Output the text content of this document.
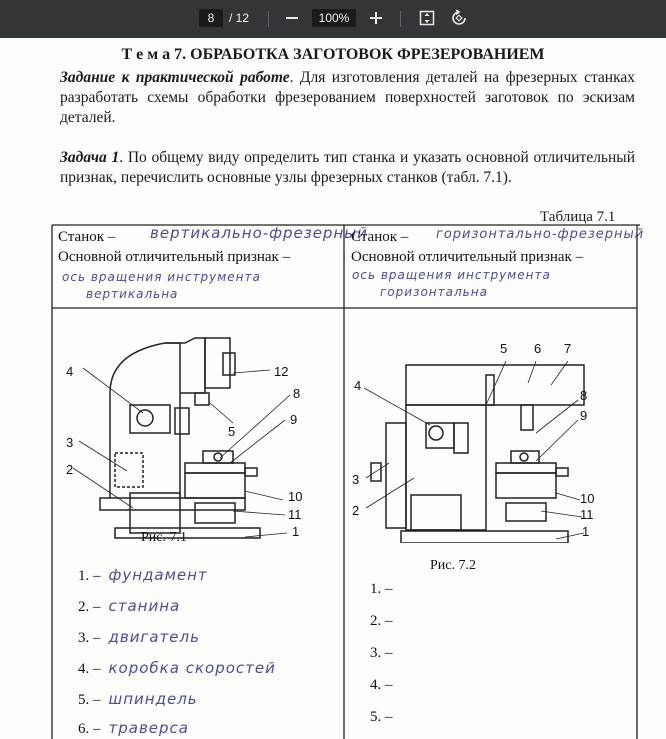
8	/ 12	100%
Т е м а 7. ОБРАБОТКА ЗАГОТОВОК ФРЕЗЕРОВАНИЕМ
Задание к практической работе. Для изготовления деталей на фрезерных станках разработать схемы обработки фрезерованием поверхностей заготовок по эскизам деталей.
Задача 1. По общему виду определить тип станка и указать основной отличительный признак, перечислить основные узлы фрезерных станков (табл. 7.1).
Таблица 7.1
Станок – вертикально-фрезерный
Основной отличительный признак –
ось вращения инструмента
вертикальна
Станок – горизонтально-фрезерный
Основной отличительный признак –
ось вращения инструмента
горизонтальна
4	12
8
5
9
3
2
10
11
1
Рис. 7.1
5 6 7
4
8
9
3
2
10
11
1
Рис. 7.2
1. – фундамент
2. – станина
3. – двигатель
4. – коробка скоростей
5. – шпиндель
6. – траверса
1. –
2. –
3. –
4. –
5. –
